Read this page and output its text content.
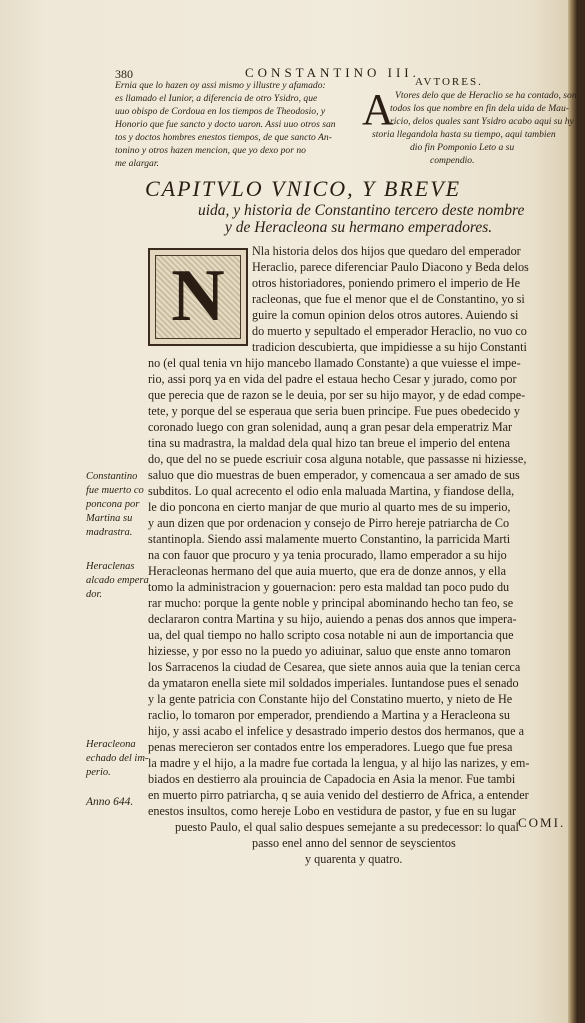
380	CONSTANTINO III.
Ernia que lo hazen oy assi mismo y illustre y afamado:
es llamado el Iunior, a diferencia de otro Ysidro, que
uuo obispo de Cordoua en los tiempos de Theodosio, y
Honorio que fue sancto y docto uaron. Assi uuo otros san
tos y doctos hombres enestos tiempos, de que sancto An-
tonino y otros hazen mencion, que yo dexo por no
me alargar.
AVTORES.
A Vtores delo que de Heraclio se ha contado, son
todos los que nombre en fin dela uida de Mau-
ricio, delos quales sant Ysidro acabo aqui su hy
storia llegandola hasta su tiempo, aqui tambien
dio fin Pomponio Leto a su
compendio.
CAPITVLO VNICO, Y BREVE
uida, y historia de Constantino tercero deste nombre
y de Heracleona su hermano emperadores.
N
Nla historia delos dos hijos que quedaro del emperador
Heraclio, parece diferenciar Paulo Diacono y Beda delos
otros historiadores, poniendo primero el imperio de He
racleonas, que fue el menor que el de Constantino, yo si
guire la comun opinion delos otros autores. Auiendo si
do muerto y sepultado el emperador Heraclio, no vuo co
tradicion descubierta, que impidiesse a su hijo Constanti
no (el qual tenia vn hijo mancebo llamado Constante) a que vuiesse el impe-
rio, assi porq ya en vida del padre el estaua hecho Cesar y jurado, como por
que perecia que de razon se le deuia, por ser su hijo mayor, y de edad compe-
tete, y porque del se esperaua que seria buen principe. Fue pues obedecido y
coronado luego con gran solenidad, aunq a gran pesar dela emperatriz Mar
tina su madrastra, la maldad dela qual hizo tan breue el imperio del entena
do, que del no se puede escriuir cosa alguna notable, que passasse ni hiziesse,
saluo que dio muestras de buen emperador, y comencaua a ser amado de sus
subditos. Lo qual acrecento el odio enla maluada Martina, y fiandose della,
le dio poncona en cierto manjar de que murio al quarto mes de su imperio,
y aun dizen que por ordenacion y consejo de Pirro hereje patriarcha de Co
stantinopla. Siendo assi malamente muerto Constantino, la parricida Marti
na con fauor que procuro y ya tenia procurado, llamo emperador a su hijo
Heracleonas hermano del que auia muerto, que era de donze annos, y ella
tomo la administracion y gouernacion: pero esta maldad tan poco pudo du
rar mucho: porque la gente noble y principal abominando hecho tan feo, se
declararon contra Martina y su hijo, auiendo a penas dos annos que impera-
ua, del qual tiempo no hallo scripto cosa notable ni aun de importancia que
hiziesse, y por esso no la puedo yo adiuinar, saluo que enste anno tomaron
los Sarracenos la ciudad de Cesarea, que siete annos auia que la tenian cerca
da ymataron enella siete mil soldados imperiales. Iuntandose pues el senado
y la gente patricia con Constante hijo del Constatino muerto, y nieto de He
raclio, lo tomaron por emperador, prendiendo a Martina y a Heracleona su
hijo, y assi acabo el infelice y desastrado imperio destos dos hermanos, que a
penas merecieron ser contados entre los emperadores. Luego que fue presa
la madre y el hijo, a la madre fue cortada la lengua, y al hijo las narizes, y em-
biados en destierro ala prouincia de Capadocia en Asia la menor. Fue tambi
en muerto pirro patriarcha, q se auia venido del destierro de Africa, a entender
enestos insultos, como hereje Lobo en vestidura de pastor, y fue en su lugar
puesto Paulo, el qual salio despues semejante a su predecessor: lo qual
passo enel anno del sennor de seyscientos
y quarenta y quatro.
Constantino
fue muerto co
poncona por
Martina su
madrastra.
Heraclenas
alcado empera
dor.
Heracleona
echado del im-
perio.
Anno 644.
COMI.
